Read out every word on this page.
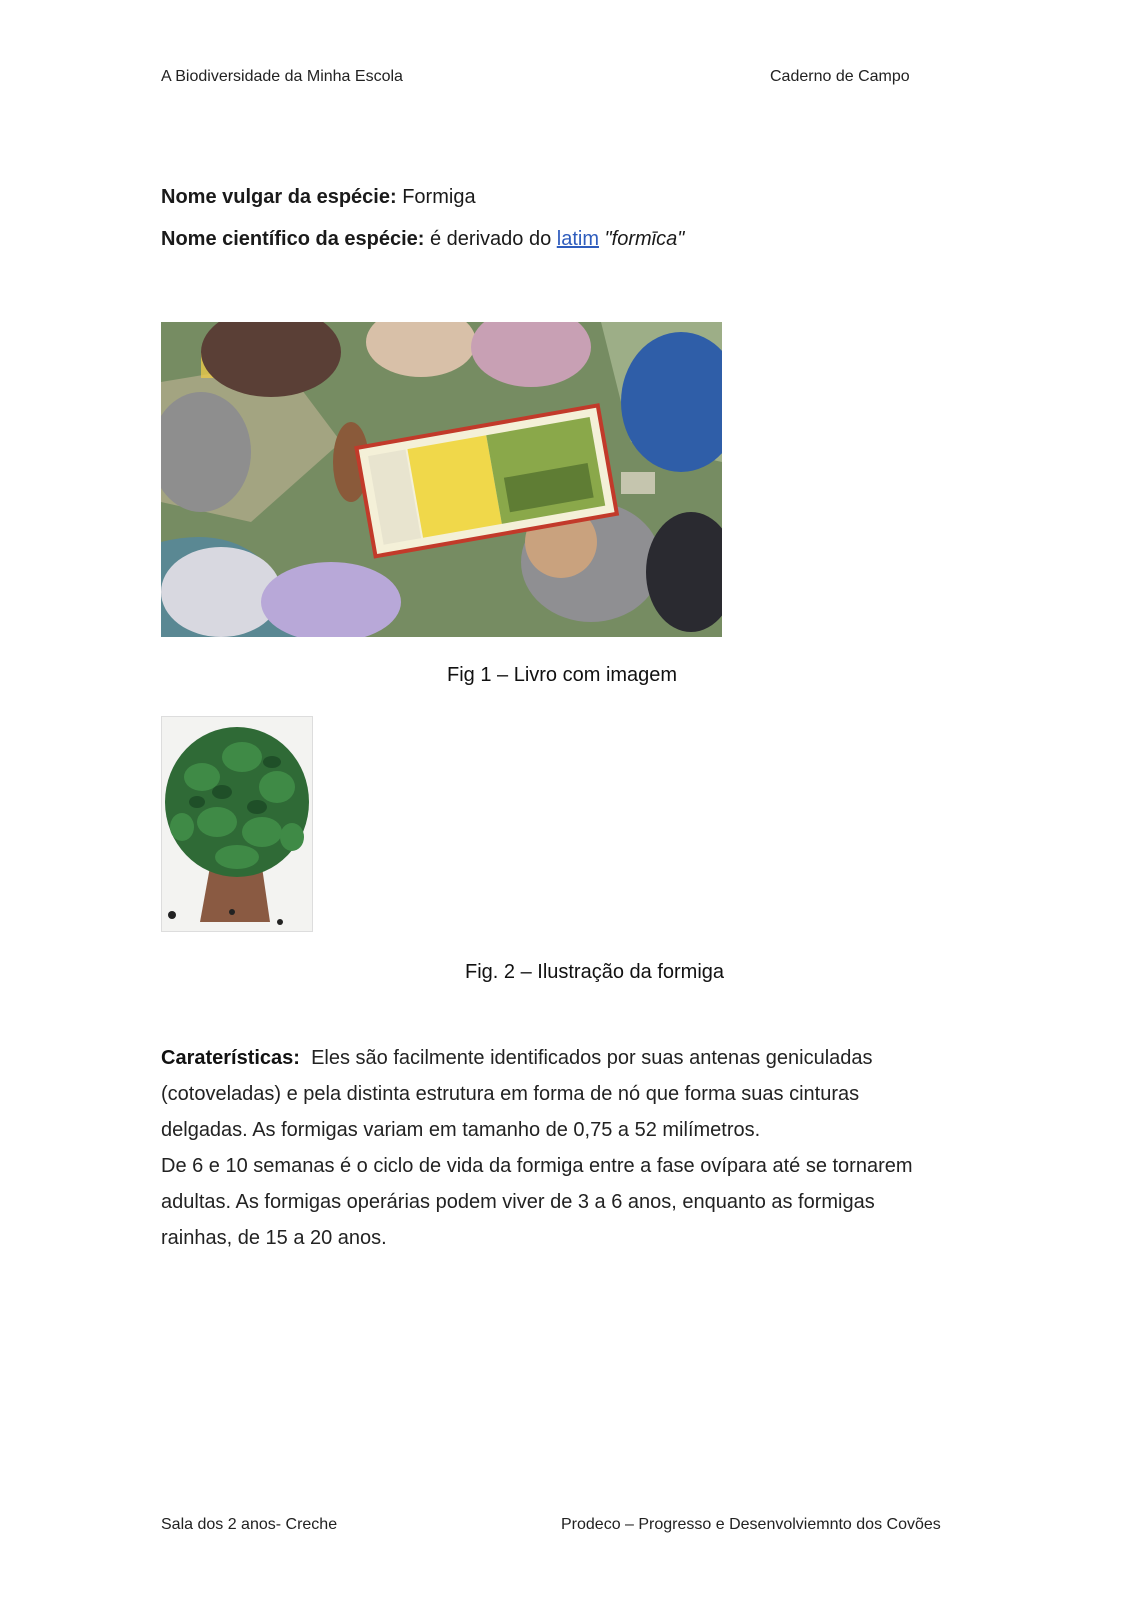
A Biodiversidade da Minha Escola	Caderno de Campo
Nome vulgar da espécie: Formiga
Nome científico da espécie: é derivado do latim "formīca"
Fig 1 – Livro com imagem
Fig. 2 – Ilustração da formiga
Caraterísticas: Eles são facilmente identificados por suas antenas geniculadas (cotoveladas) e pela distinta estrutura em forma de nó que forma suas cinturas delgadas. As formigas variam em tamanho de 0,75 a 52 milímetros.
De 6 e 10 semanas é o ciclo de vida da formiga entre a fase ovípara até se tornarem adultas. As formigas operárias podem viver de 3 a 6 anos, enquanto as formigas rainhas, de 15 a 20 anos.
Sala dos 2 anos- Creche	Prodeco – Progresso e Desenvolviemnto dos Covões
